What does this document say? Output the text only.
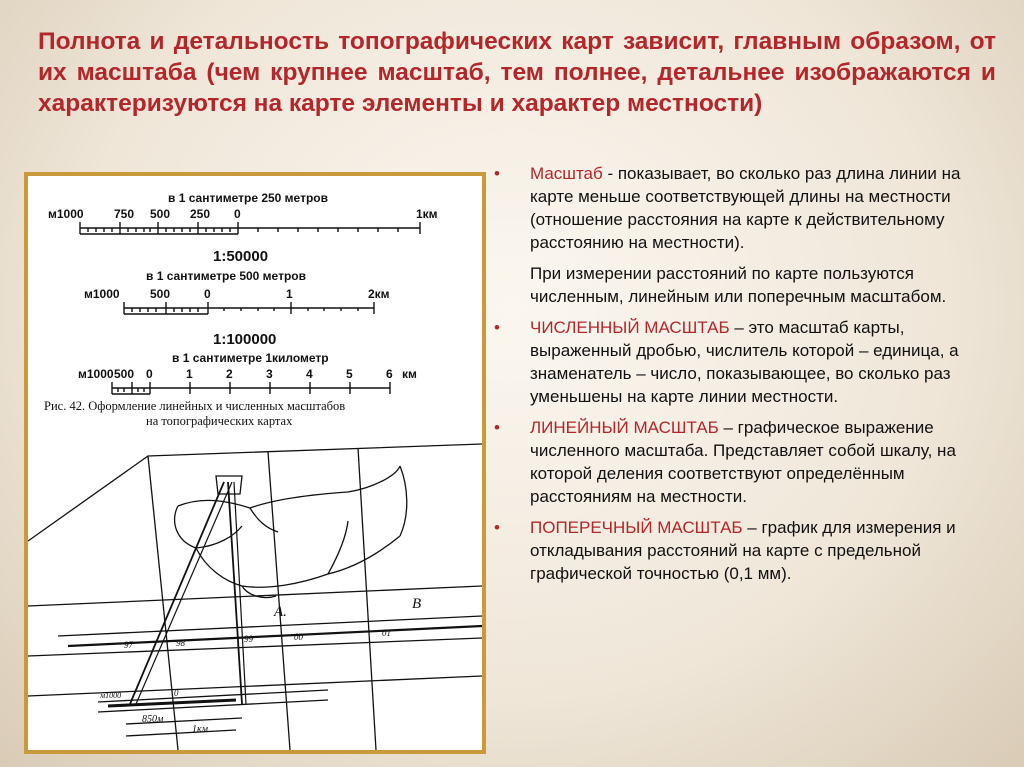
Полнота и детальность топографических карт зависит, главным образом, от их масштаба (чем крупнее масштаб, тем полнее, детальнее изображаются и характеризуются на карте элементы и характер местности)

в 1 сантиметре 250 метров
м1000	750 500 250 0	1км
1:50000
в 1 сантиметре 500 метров
м1000	500	0	1	2км
1:100000
в 1 сантиметре 1километр
м1000 500 0	1	2	3	4	5	6 км
Рис. 42. Оформление линейных и численных масштабов
на топографических картах
А.	В
97	98	99	00	01
м1000	0
850м
1км
• Масштаб - показывает, во сколько раз длина линии на карте меньше соответствующей длины на местности (отношение расстояния на карте к действительному расстоянию на местности).

При измерении расстояний по карте пользуются численным, линейным или поперечным масштабом.

• ЧИСЛЕННЫЙ МАСШТАБ – это масштаб карты, выраженный дробью, числитель которой – единица, а знаменатель – число, показывающее, во сколько раз уменьшены на карте линии местности.
• ЛИНЕЙНЫЙ МАСШТАБ – графическое выражение численного масштаба. Представляет собой шкалу, на которой деления соответствуют определённым расстояниям на местности.
• ПОПЕРЕЧНЫЙ МАСШТАБ – график для измерения и откладывания расстояний на карте с предельной графической точностью (0,1 мм).
